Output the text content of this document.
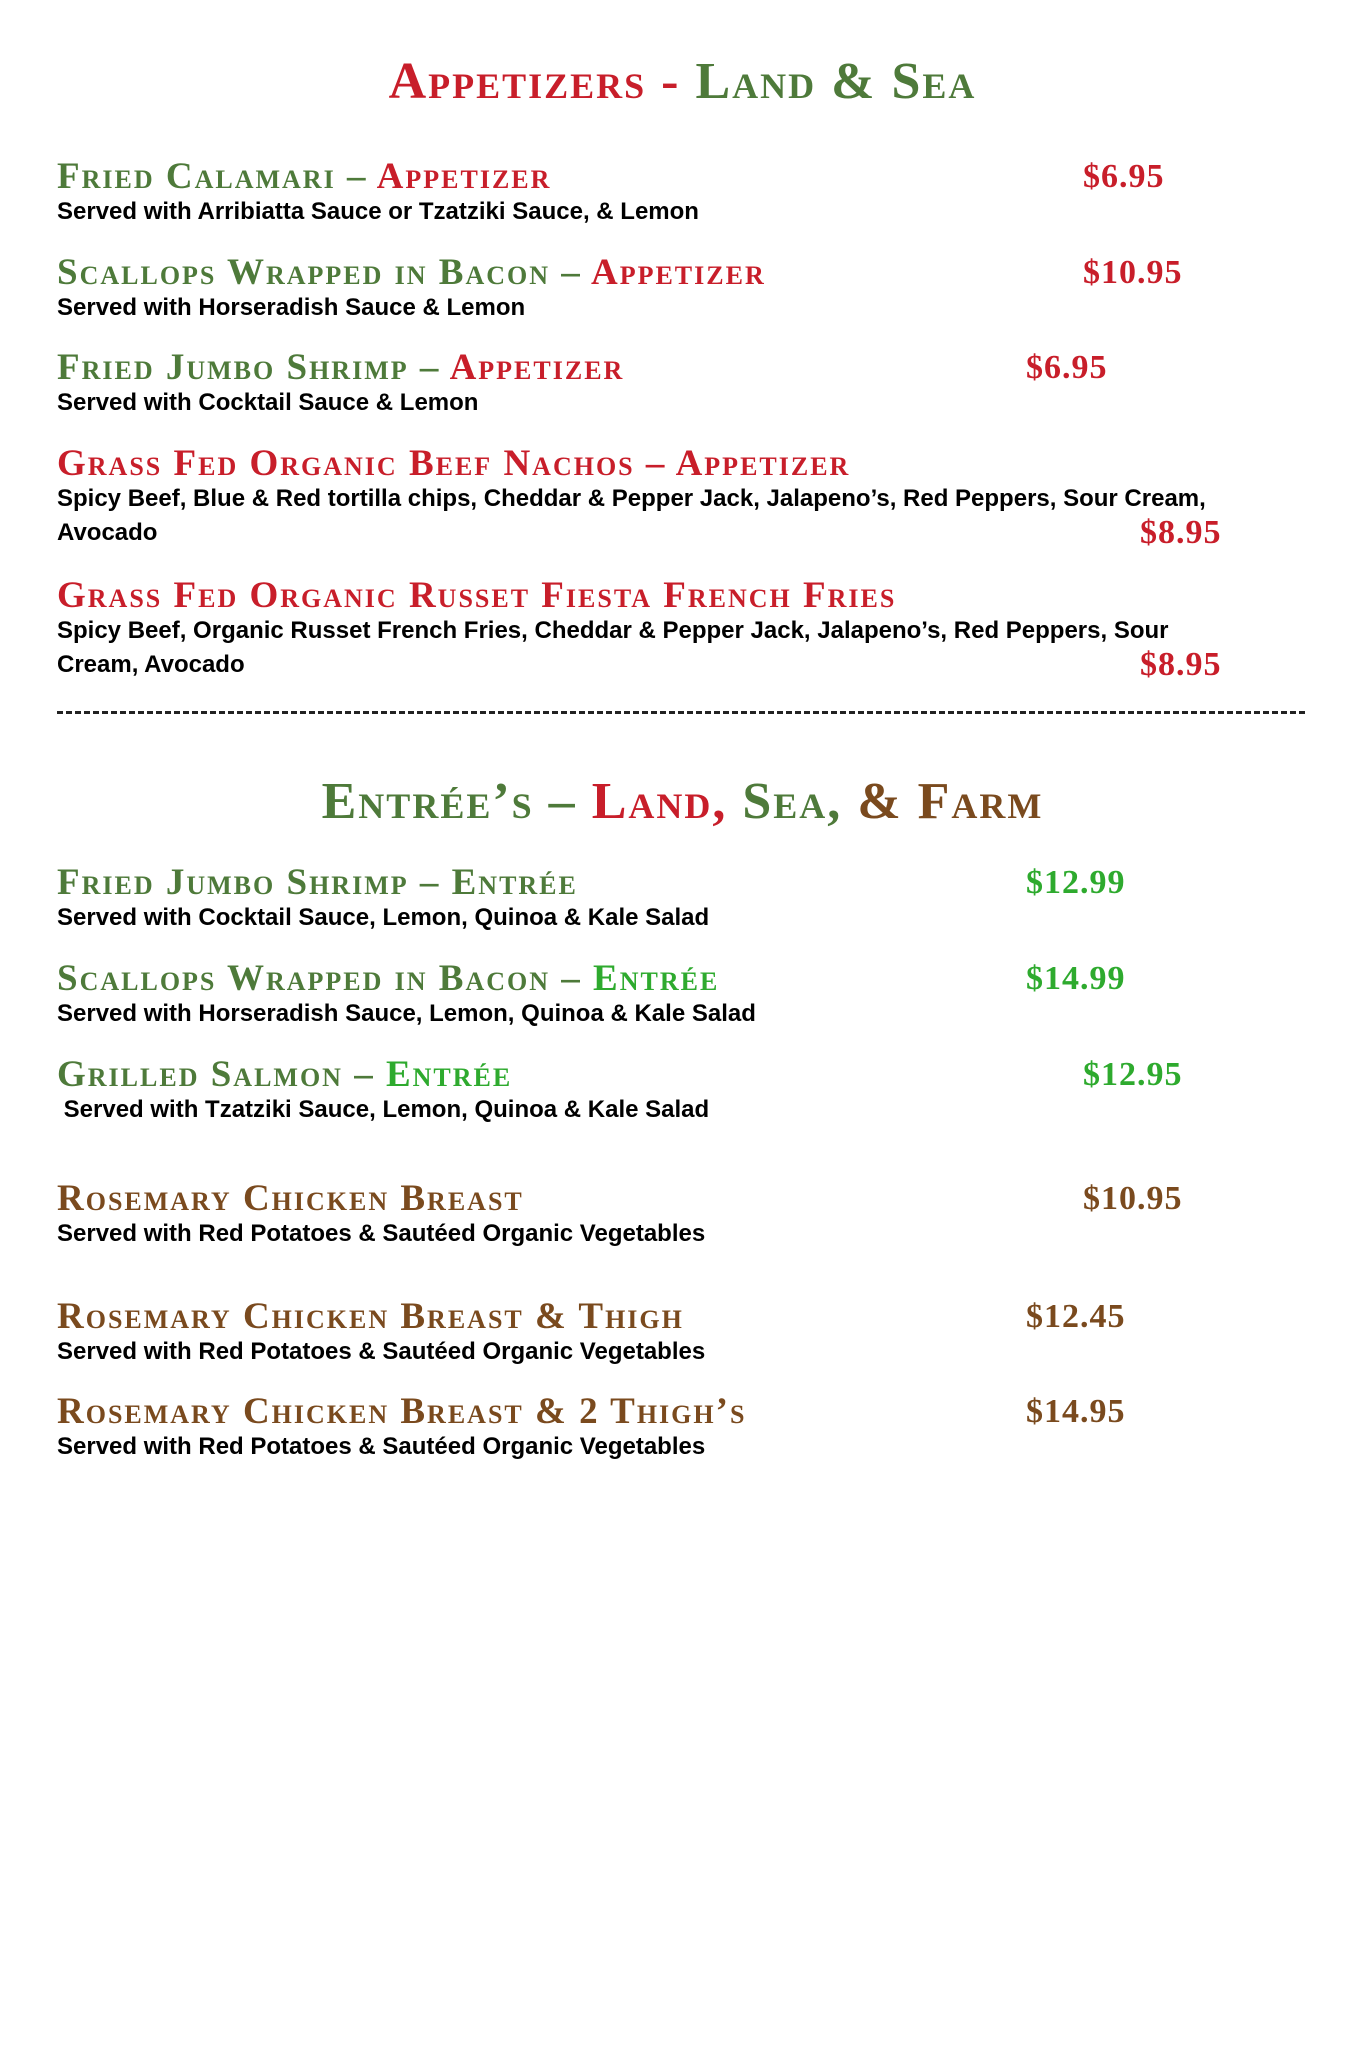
Appetizers - Land & Sea
Fried Calamari – Appetizer	$6.95
Served with Arribiatta Sauce or Tzatziki Sauce, & Lemon
Scallops Wrapped in Bacon – Appetizer	$10.95
Served with Horseradish Sauce & Lemon
Fried Jumbo Shrimp – Appetizer	$6.95
Served with Cocktail Sauce & Lemon
Grass Fed Organic Beef Nachos – Appetizer
Spicy Beef, Blue & Red tortilla chips, Cheddar & Pepper Jack, Jalapeno’s, Red Peppers, Sour Cream,
Avocado	$8.95
Grass Fed Organic Russet Fiesta French Fries
Spicy Beef, Organic Russet French Fries, Cheddar & Pepper Jack, Jalapeno’s, Red Peppers, Sour
Cream, Avocado	$8.95
Entrée’s – Land, Sea, & Farm
Fried Jumbo Shrimp – Entrée	$12.99
Served with Cocktail Sauce, Lemon, Quinoa & Kale Salad
Scallops Wrapped in Bacon – Entrée	$14.99
Served with Horseradish Sauce, Lemon, Quinoa & Kale Salad
Grilled Salmon – Entrée	$12.95
Served with Tzatziki Sauce, Lemon, Quinoa & Kale Salad
Rosemary Chicken Breast	$10.95
Served with Red Potatoes & Sautéed Organic Vegetables
Rosemary Chicken Breast & Thigh	$12.45
Served with Red Potatoes & Sautéed Organic Vegetables
Rosemary Chicken Breast & 2 Thigh’s	$14.95
Served with Red Potatoes & Sautéed Organic Vegetables
